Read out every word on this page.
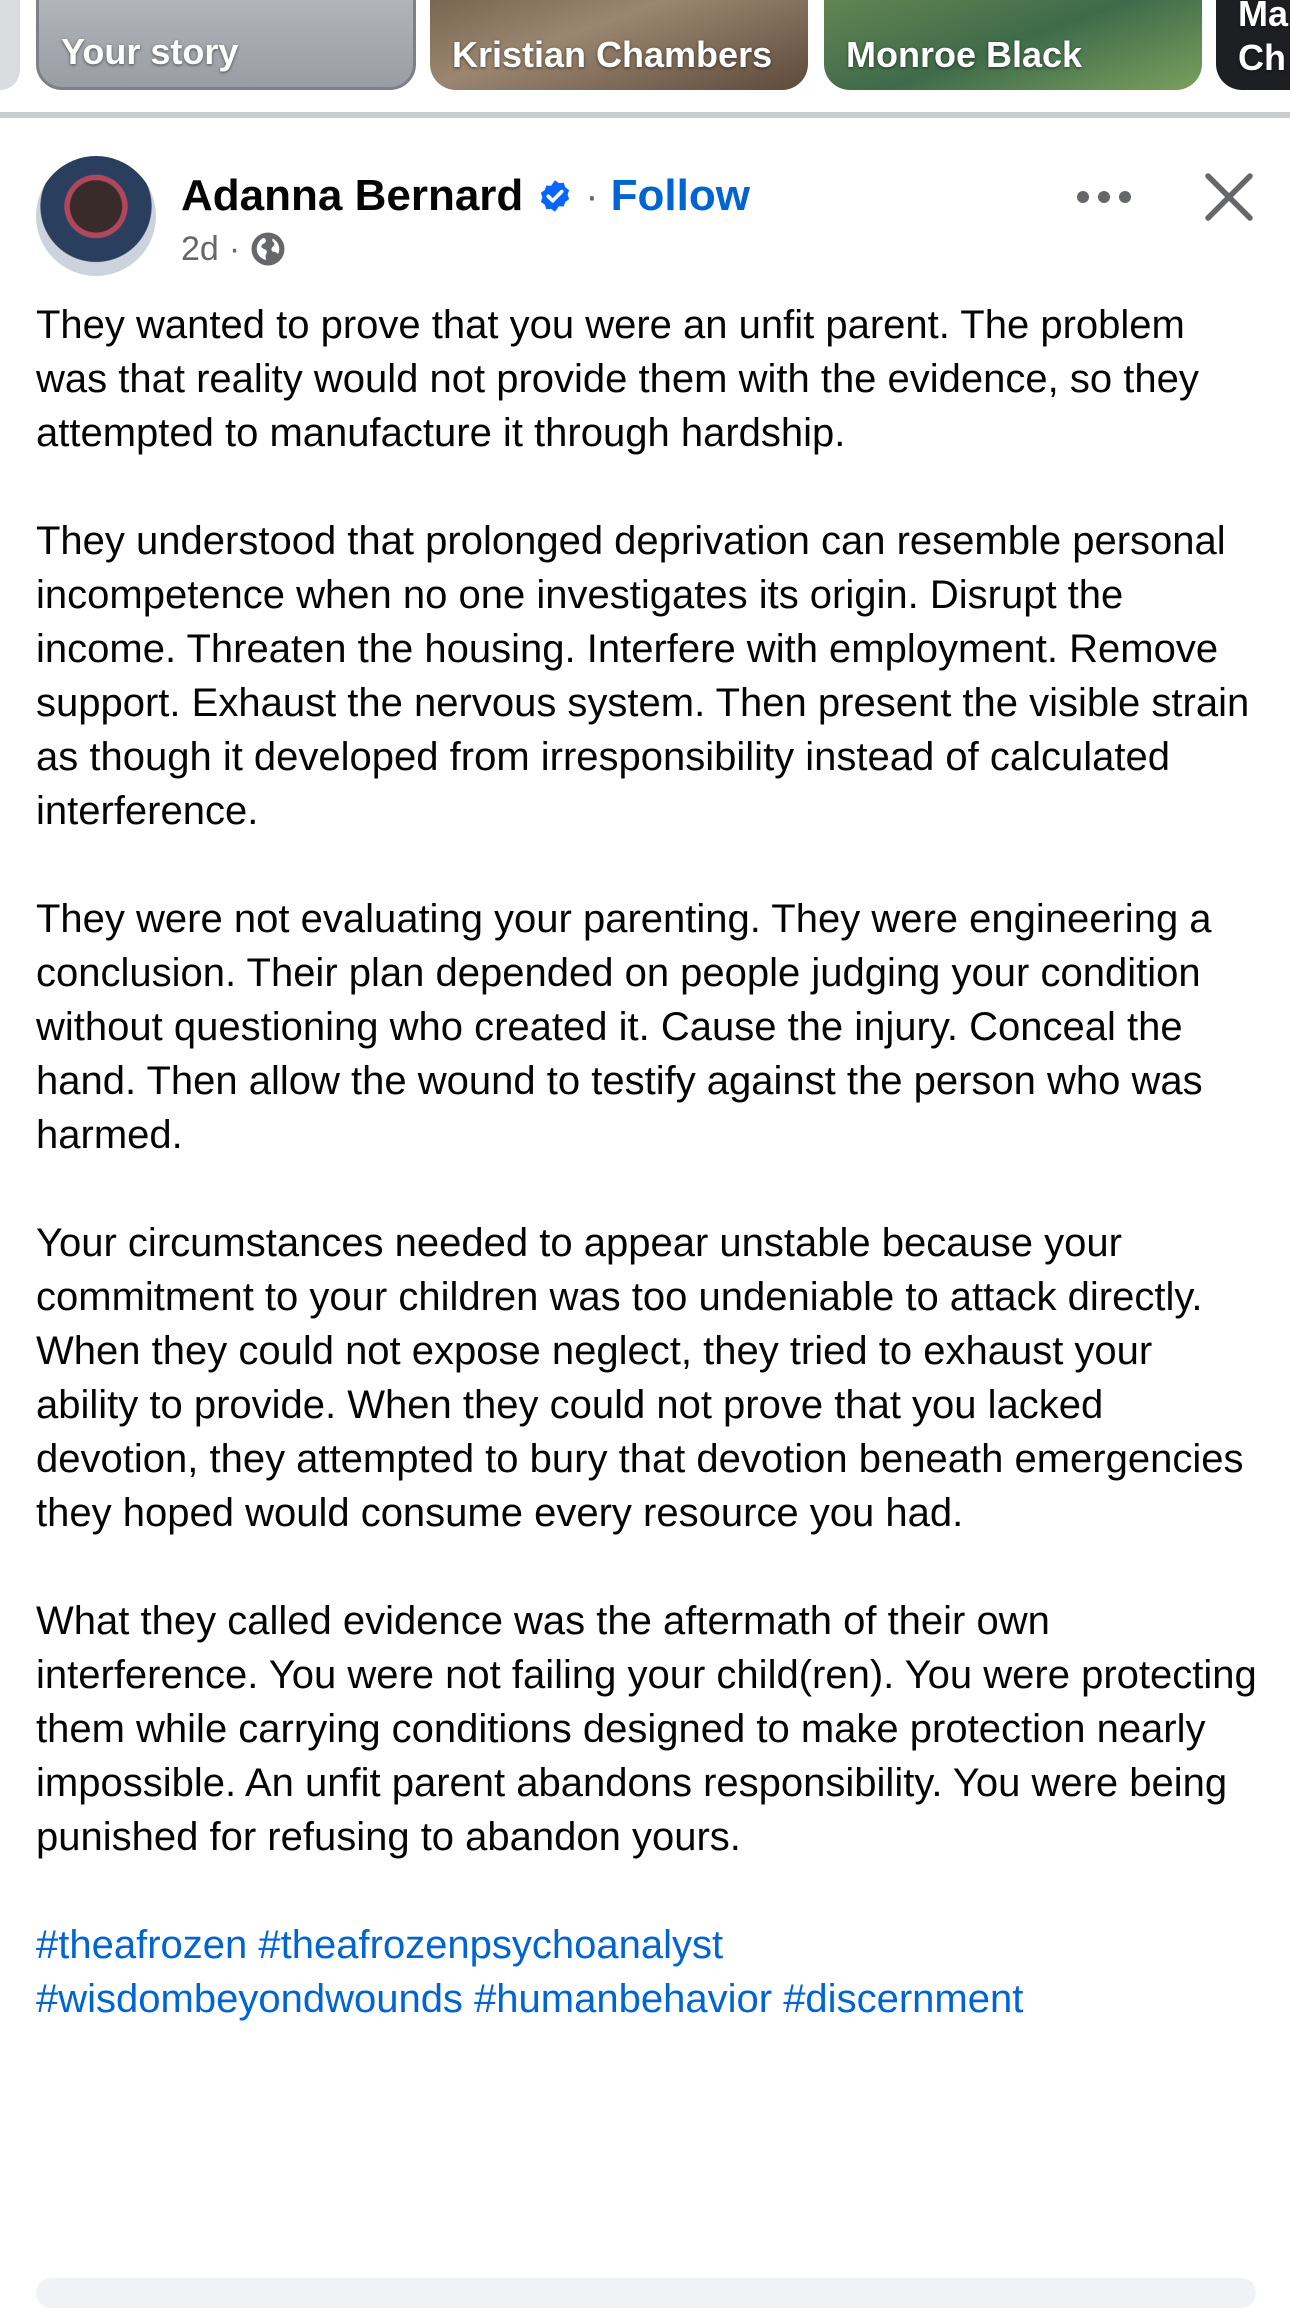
Your story	Kristian Chambers Monroe Black
Ma
Ch
Adanna Bernard · Follow
2d ·

They wanted to prove that you were an unfit parent. The problem was that reality would not provide them with the evidence, so they attempted to manufacture it through hardship.

They understood that prolonged deprivation can resemble personal incompetence when no one investigates its origin. Disrupt the income. Threaten the housing. Interfere with employment. Remove support. Exhaust the nervous system. Then present the visible strain as though it developed from irresponsibility instead of calculated interference.

They were not evaluating your parenting. They were engineering a conclusion. Their plan depended on people judging your condition without questioning who created it. Cause the injury. Conceal the hand. Then allow the wound to testify against the person who was harmed.

Your circumstances needed to appear unstable because your commitment to your children was too undeniable to attack directly. When they could not expose neglect, they tried to exhaust your ability to provide. When they could not prove that you lacked devotion, they attempted to bury that devotion beneath emergencies they hoped would consume every resource you had.

What they called evidence was the aftermath of their own interference. You were not failing your child(ren). You were protecting them while carrying conditions designed to make protection nearly impossible. An unfit parent abandons responsibility. You were being punished for refusing to abandon yours.

#theafrozen #theafrozenpsychoanalyst
#wisdombeyondwounds #humanbehavior #discernment
